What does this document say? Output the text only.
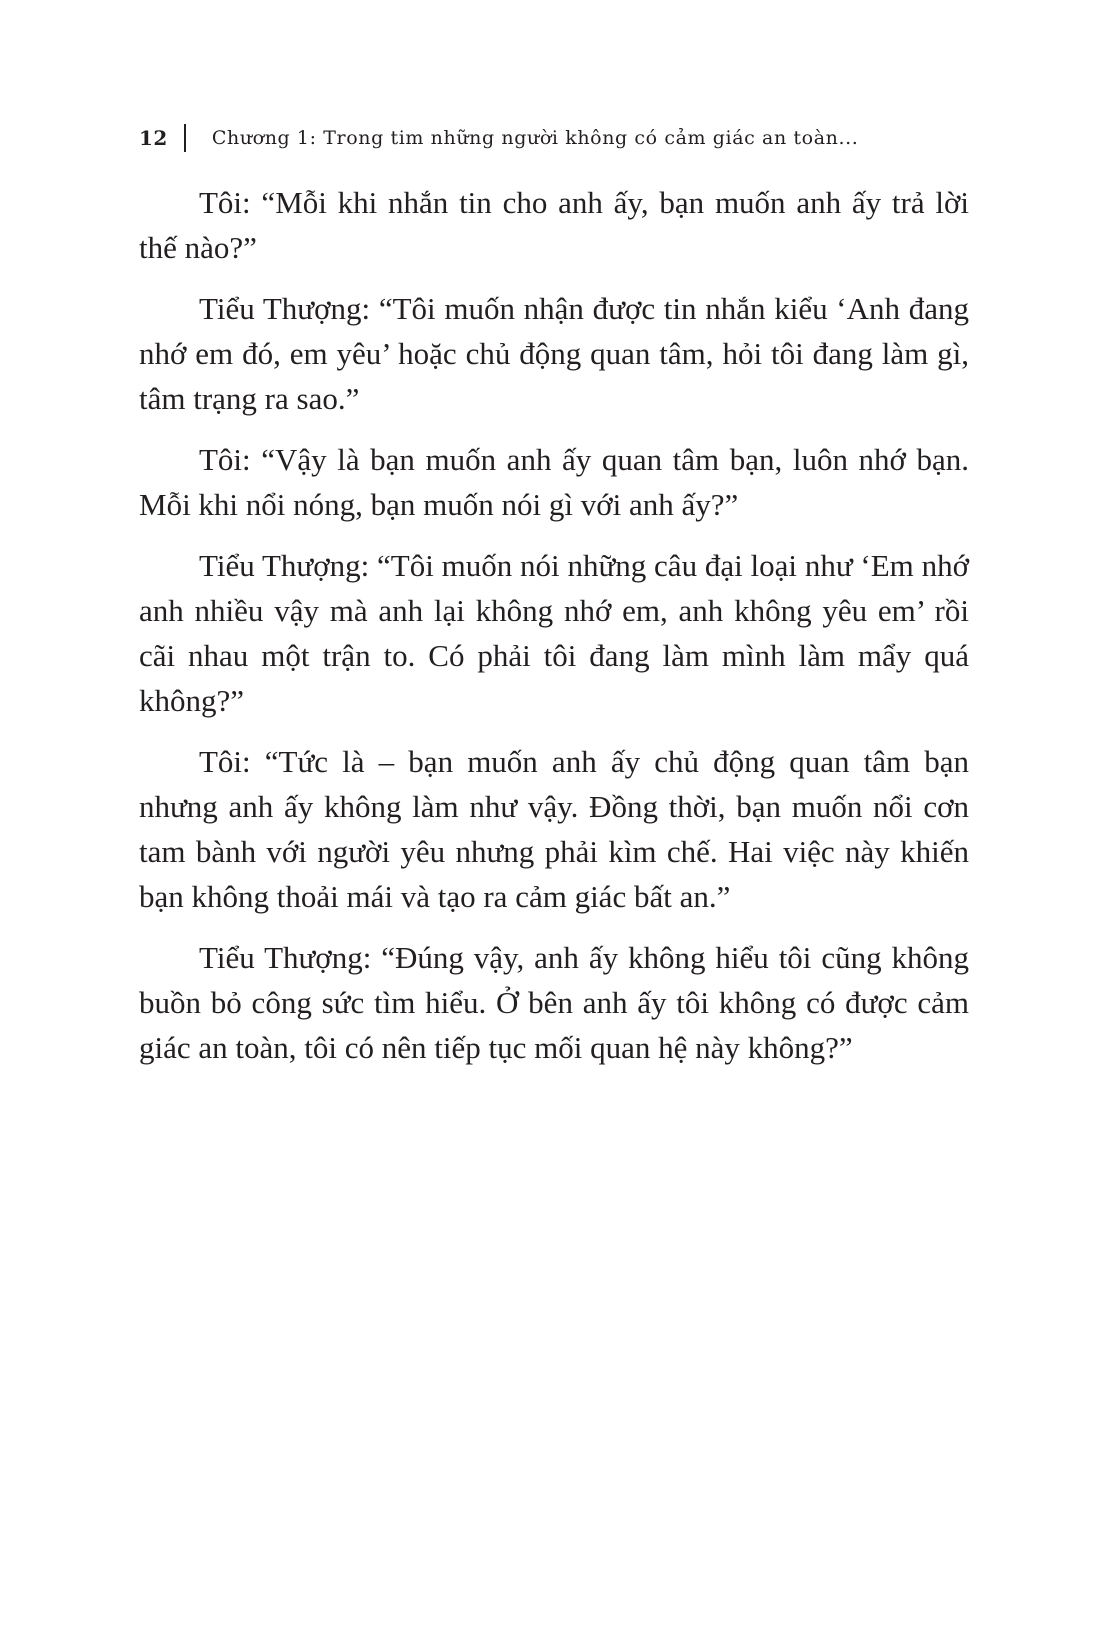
12 Chương 1: Trong tim những người không có cảm giác an toàn...

Tôi: “Mỗi khi nhắn tin cho anh ấy, bạn muốn anh ấy trả lời thế nào?”

Tiểu Thượng: “Tôi muốn nhận được tin nhắn kiểu ‘Anh đang nhớ em đó, em yêu’ hoặc chủ động quan tâm, hỏi tôi đang làm gì, tâm trạng ra sao.”

Tôi: “Vậy là bạn muốn anh ấy quan tâm bạn, luôn nhớ bạn. Mỗi khi nổi nóng, bạn muốn nói gì với anh ấy?”

Tiểu Thượng: “Tôi muốn nói những câu đại loại như ‘Em nhớ anh nhiều vậy mà anh lại không nhớ em, anh không yêu em’ rồi cãi nhau một trận to. Có phải tôi đang làm mình làm mẩy quá không?”

Tôi: “Tức là – bạn muốn anh ấy chủ động quan tâm bạn nhưng anh ấy không làm như vậy. Đồng thời, bạn muốn nổi cơn tam bành với người yêu nhưng phải kìm chế. Hai việc này khiến bạn không thoải mái và tạo ra cảm giác bất an.”

Tiểu Thượng: “Đúng vậy, anh ấy không hiểu tôi cũng không buồn bỏ công sức tìm hiểu. Ở bên anh ấy tôi không có được cảm giác an toàn, tôi có nên tiếp tục mối quan hệ này không?”
